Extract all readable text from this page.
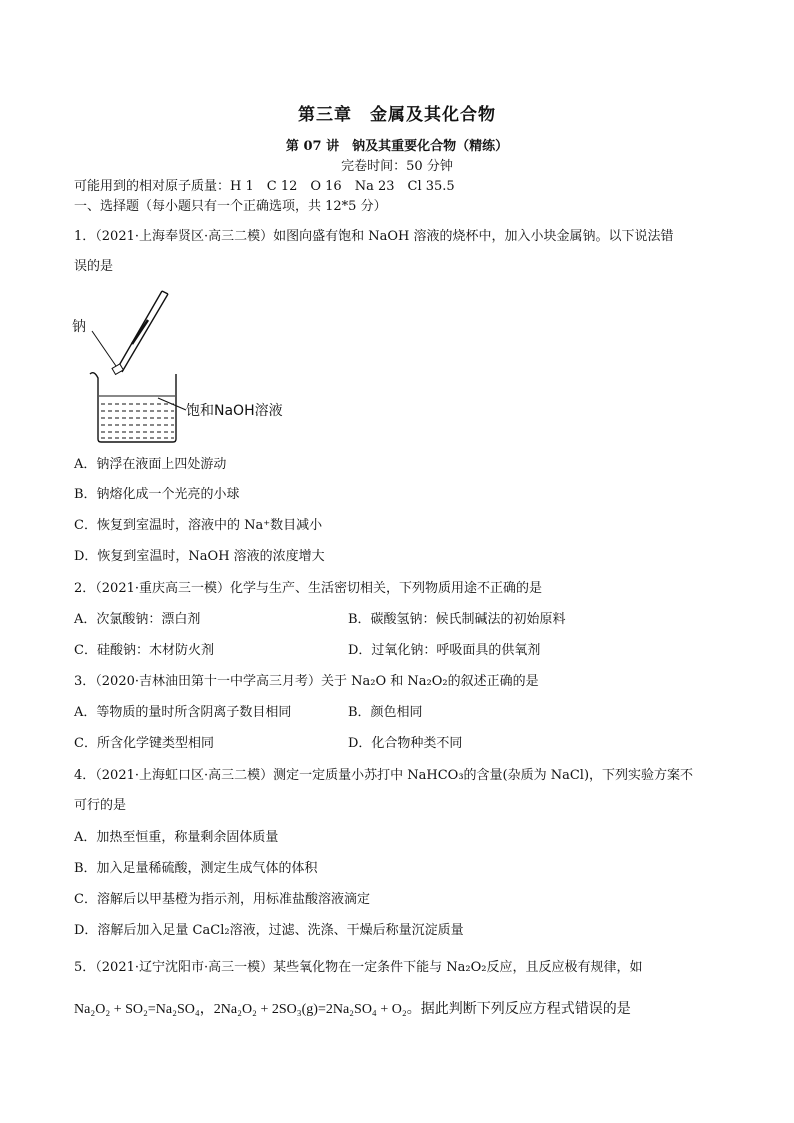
第三章　金属及其化合物
第 07 讲　钠及其重要化合物（精练）
完卷时间：50 分钟
可能用到的相对原子质量：H 1　C 12　O 16　Na 23　Cl 35.5
一、选择题（每小题只有一个正确选项，共 12*5 分）
1．（2021·上海奉贤区·高三二模）如图向盛有饱和 NaOH 溶液的烧杯中，加入小块金属钠。以下说法错
误的是
钠
饱和NaOH溶液
A．钠浮在液面上四处游动
B．钠熔化成一个光亮的小球
C．恢复到室温时，溶液中的 Na⁺数目减小
D．恢复到室温时，NaOH 溶液的浓度增大
2．（2021·重庆高三一模）化学与生产、生活密切相关，下列物质用途不正确的是
A．次氯酸钠：漂白剂	B．碳酸氢钠：候氏制碱法的初始原料
C．硅酸钠：木材防火剂	D．过氧化钠：呼吸面具的供氧剂
3．（2020·吉林油田第十一中学高三月考）关于 Na₂O 和 Na₂O₂的叙述正确的是
A．等物质的量时所含阴离子数目相同	B．颜色相同
C．所含化学键类型相同	D．化合物种类不同
4．（2021·上海虹口区·高三二模）测定一定质量小苏打中 NaHCO₃的含量(杂质为 NaCl)，下列实验方案不
可行的是
A．加热至恒重，称量剩余固体质量
B．加入足量稀硫酸，测定生成气体的体积
C．溶解后以甲基橙为指示剂，用标准盐酸溶液滴定
D．溶解后加入足量 CaCl₂溶液，过滤、洗涤、干燥后称量沉淀质量
5．（2021·辽宁沈阳市·高三一模）某些氧化物在一定条件下能与 Na₂O₂反应，且反应极有规律，如
Na₂O₂ + SO₂=Na₂SO₄，2Na₂O₂ + 2SO₃(g)=2Na₂SO₄ + O₂。据此判断下列反应方程式错误的是
